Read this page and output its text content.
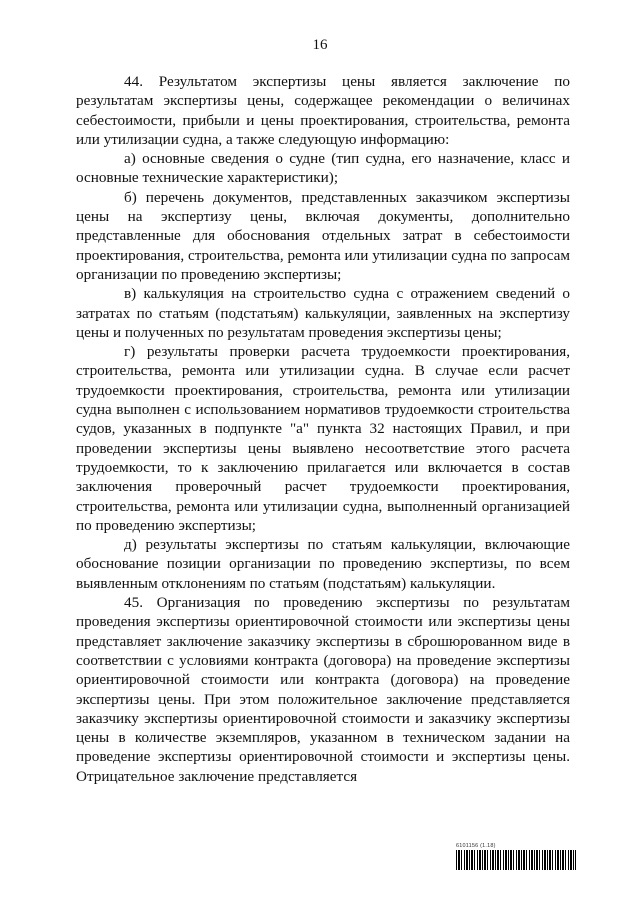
16

44. Результатом экспертизы цены является заключение по результатам экспертизы цены, содержащее рекомендации о величинах себестоимости, прибыли и цены проектирования, строительства, ремонта или утилизации судна, а также следующую информацию:

а) основные сведения о судне (тип судна, его назначение, класс и основные технические характеристики);

б) перечень документов, представленных заказчиком экспертизы цены на экспертизу цены, включая документы, дополнительно представленные для обоснования отдельных затрат в себестоимости проектирования, строительства, ремонта или утилизации судна по запросам организации по проведению экспертизы;

в) калькуляция на строительство судна с отражением сведений о затратах по статьям (подстатьям) калькуляции, заявленных на экспертизу цены и полученных по результатам проведения экспертизы цены;

г) результаты проверки расчета трудоемкости проектирования, строительства, ремонта или утилизации судна. В случае если расчет трудоемкости проектирования, строительства, ремонта или утилизации судна выполнен с использованием нормативов трудоемкости строительства судов, указанных в подпункте "а" пункта 32 настоящих Правил, и при проведении экспертизы цены выявлено несоответствие этого расчета трудоемкости, то к заключению прилагается или включается в состав заключения проверочный расчет трудоемкости проектирования, строительства, ремонта или утилизации судна, выполненный организацией по проведению экспертизы;

д) результаты экспертизы по статьям калькуляции, включающие обоснование позиции организации по проведению экспертизы, по всем выявленным отклонениям по статьям (подстатьям) калькуляции.

45. Организация по проведению экспертизы по результатам проведения экспертизы ориентировочной стоимости или экспертизы цены представляет заключение заказчику экспертизы в сброшюрованном виде в соответствии с условиями контракта (договора) на проведение экспертизы ориентировочной стоимости или контракта (договора) на проведение экспертизы цены. При этом положительное заключение представляется заказчику экспертизы ориентировочной стоимости и заказчику экспертизы цены в количестве экземпляров, указанном в техническом задании на проведение экспертизы ориентировочной стоимости и экспертизы цены. Отрицательное заключение представляется

6101156 (1.18)
